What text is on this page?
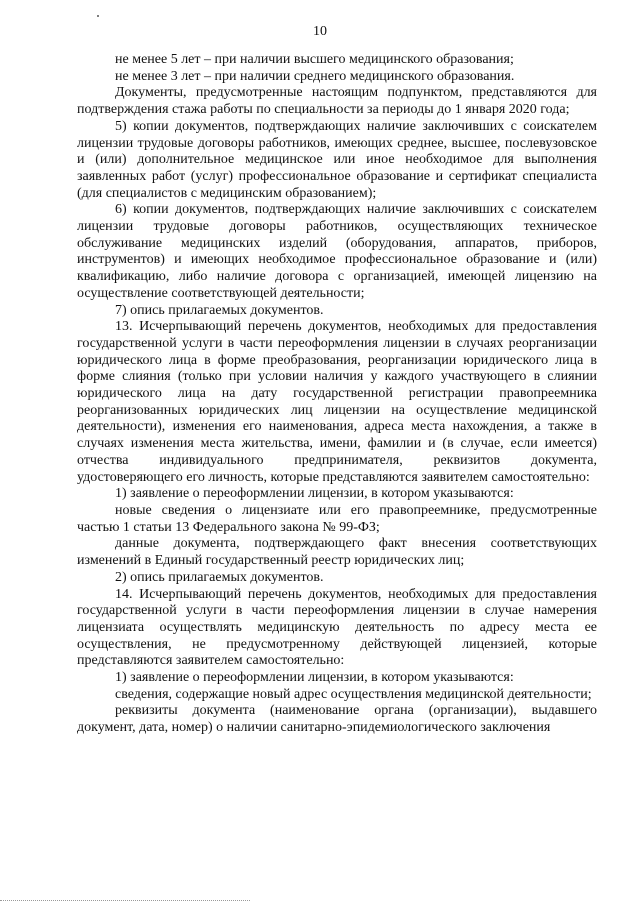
10

не менее 5 лет – при наличии высшего медицинского образования;

не менее 3 лет – при наличии среднего медицинского образования.

Документы, предусмотренные настоящим подпунктом, представляются для подтверждения стажа работы по специальности за периоды до 1 января 2020 года;

5) копии документов, подтверждающих наличие заключивших с соискателем лицензии трудовые договоры работников, имеющих среднее, высшее, послевузовское и (или) дополнительное медицинское или иное необходимое для выполнения заявленных работ (услуг) профессиональное образование и сертификат специалиста (для специалистов с медицинским образованием);

6) копии документов, подтверждающих наличие заключивших с соискателем лицензии трудовые договоры работников, осуществляющих техническое обслуживание медицинских изделий (оборудования, аппаратов, приборов, инструментов) и имеющих необходимое профессиональное образование и (или) квалификацию, либо наличие договора с организацией, имеющей лицензию на осуществление соответствующей деятельности;

7) опись прилагаемых документов.

13. Исчерпывающий перечень документов, необходимых для предоставления государственной услуги в части переоформления лицензии в случаях реорганизации юридического лица в форме преобразования, реорганизации юридического лица в форме слияния (только при условии наличия у каждого участвующего в слиянии юридического лица на дату государственной регистрации правопреемника реорганизованных юридических лиц лицензии на осуществление медицинской деятельности), изменения его наименования, адреса места нахождения, а также в случаях изменения места жительства, имени, фамилии и (в случае, если имеется) отчества индивидуального предпринимателя, реквизитов документа, удостоверяющего его личность, которые представляются заявителем самостоятельно:

1) заявление о переоформлении лицензии, в котором указываются:

новые сведения о лицензиате или его правопреемнике, предусмотренные частью 1 статьи 13 Федерального закона № 99-ФЗ;

данные документа, подтверждающего факт внесения соответствующих изменений в Единый государственный реестр юридических лиц;

2) опись прилагаемых документов.

14. Исчерпывающий перечень документов, необходимых для предоставления государственной услуги в части переоформления лицензии в случае намерения лицензиата осуществлять медицинскую деятельность по адресу места ее осуществления, не предусмотренному действующей лицензией, которые представляются заявителем самостоятельно:

1) заявление о переоформлении лицензии, в котором указываются:

сведения, содержащие новый адрес осуществления медицинской деятельности;

реквизиты документа (наименование органа (организации), выдавшего документ, дата, номер) о наличии санитарно-эпидемиологического заключения
